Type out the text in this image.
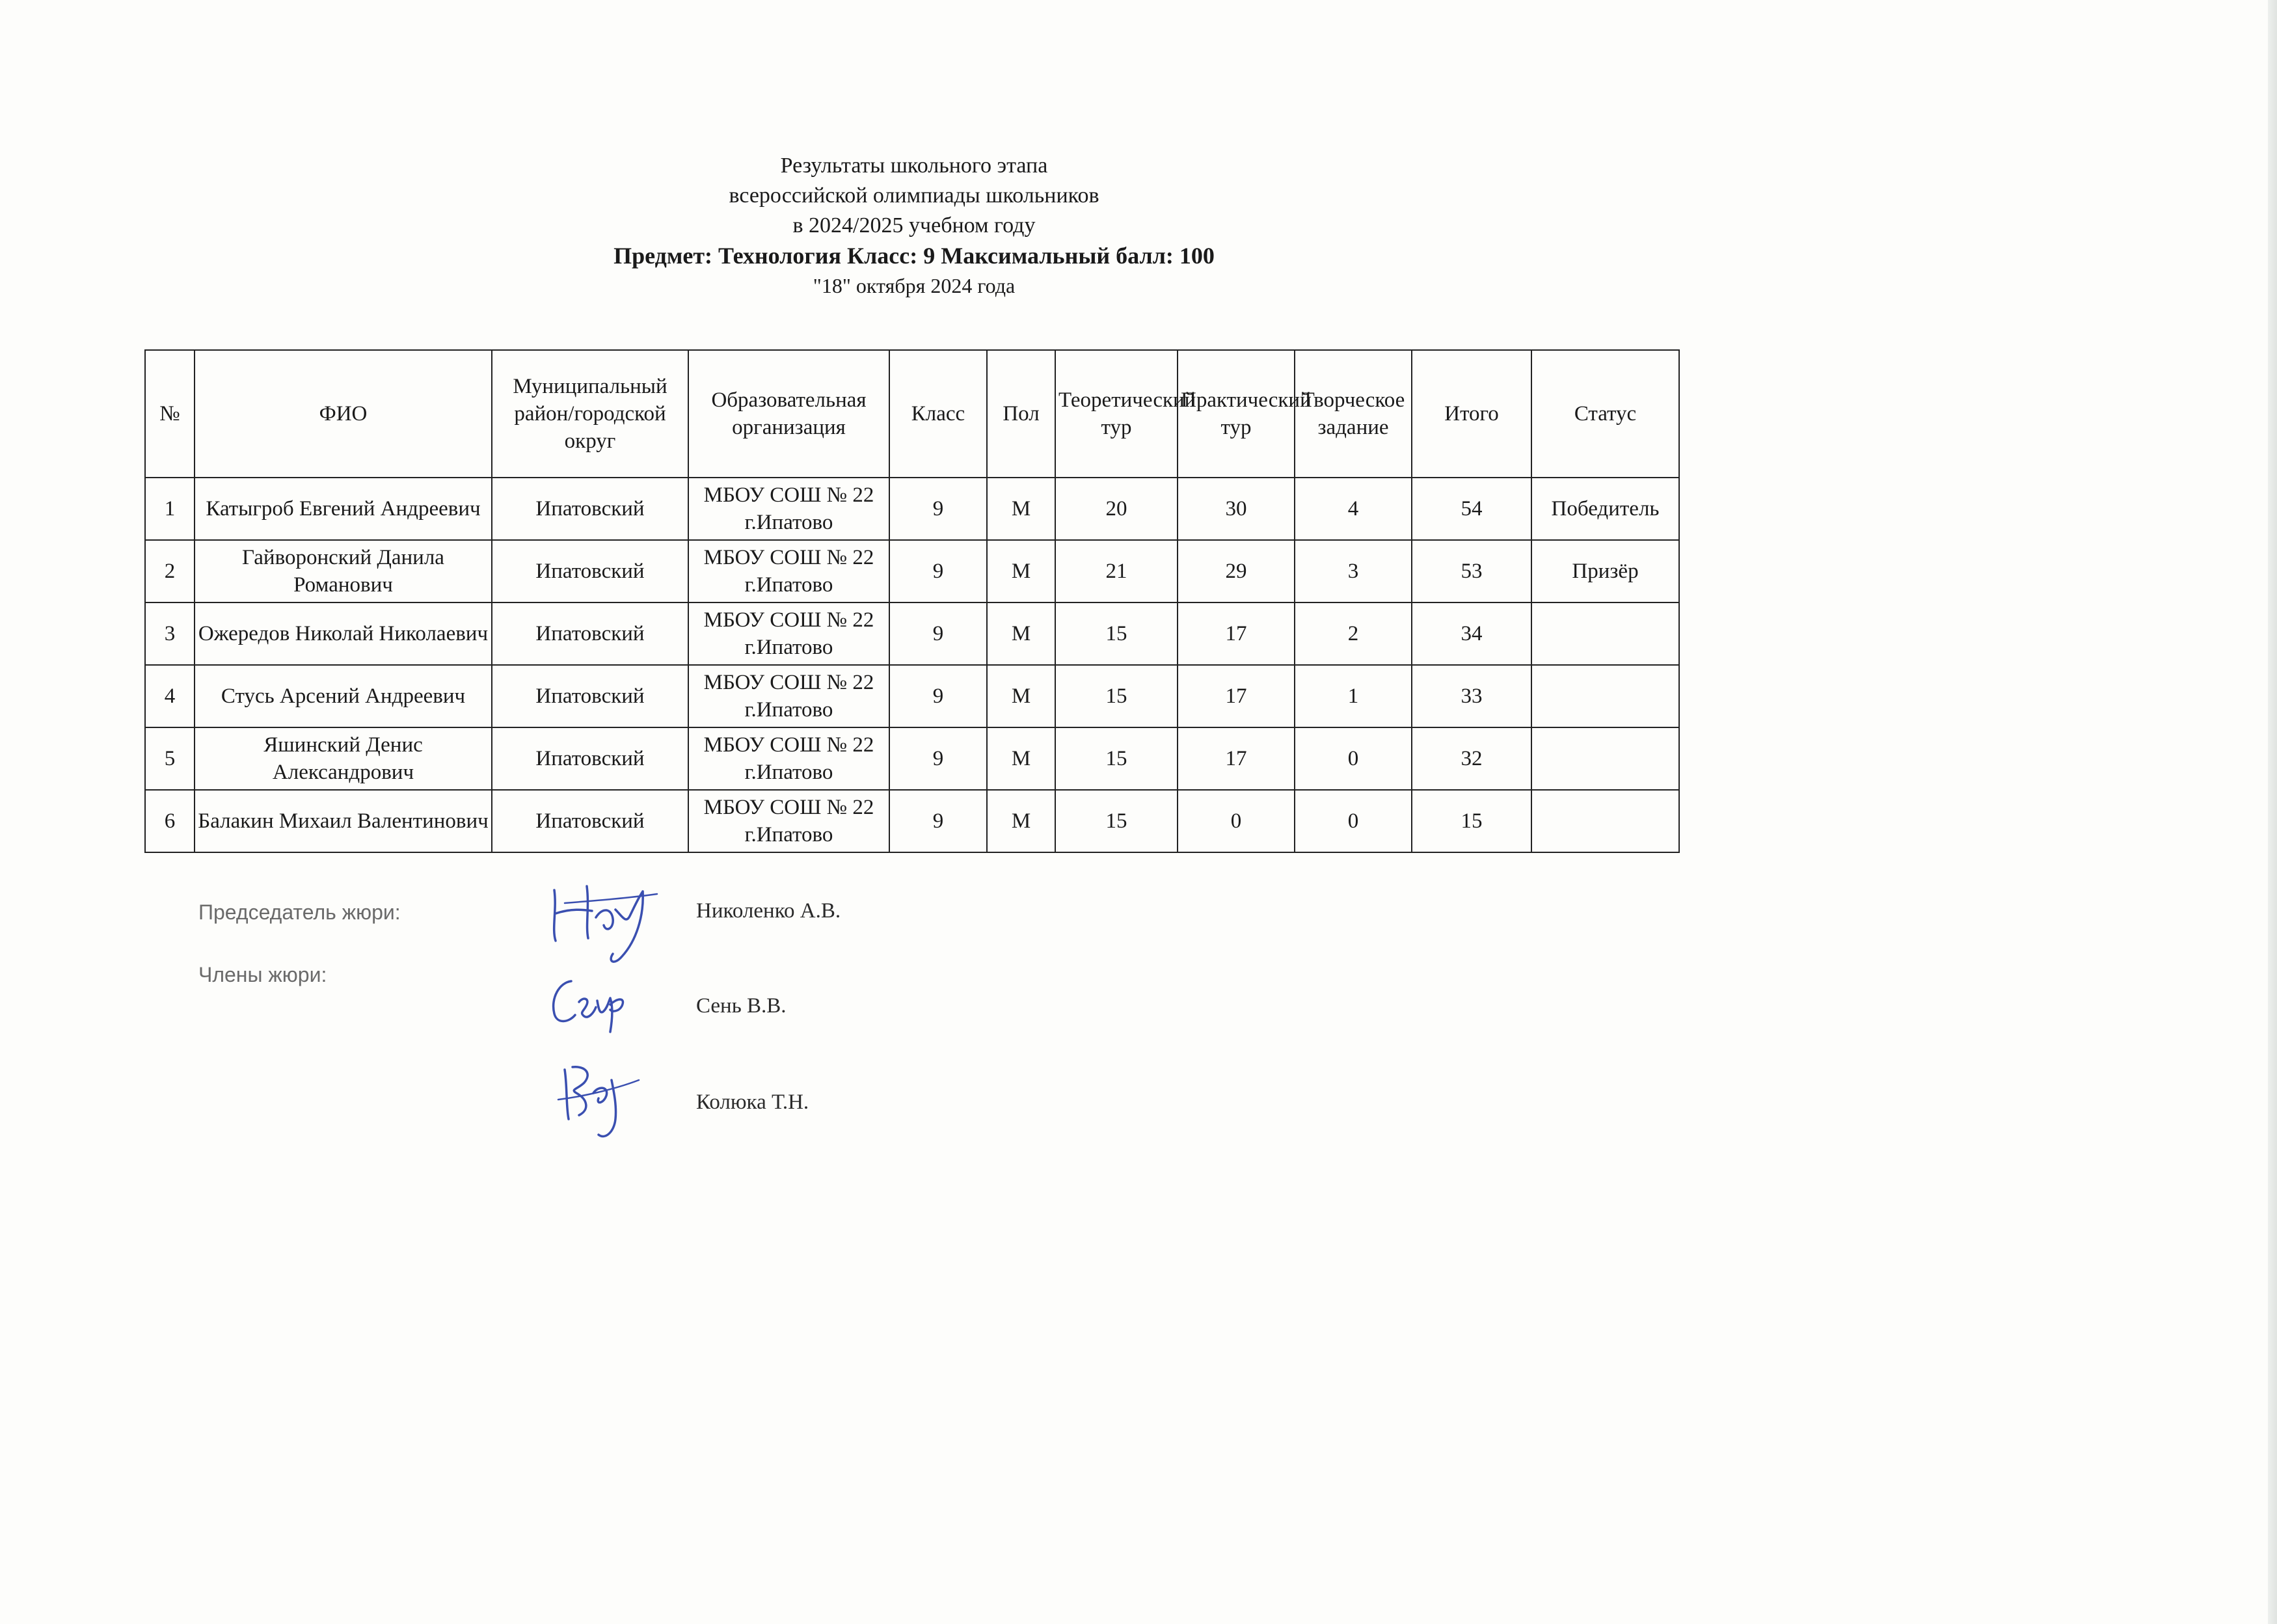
Результаты школьного этапа
всероссийской олимпиады школьников
в 2024/2025 учебном году
Предмет: Технология Класс: 9 Максимальный балл: 100
"18" октября 2024 года
№	ФИО	Муниципальный район/городской округ	Образовательная организация	Класс	Пол	Теоретический тур	Практический тур	Творческое задание	Итого	Статус
1	Катыгроб Евгений Андреевич	Ипатовский	МБОУ СОШ № 22 г.Ипатово	9	М	20	30	4	54	Победитель
2	Гайворонский Данила Романович	Ипатовский	МБОУ СОШ № 22 г.Ипатово	9	М	21	29	3	53	Призёр
3	Ожередов Николай Николаевич	Ипатовский	МБОУ СОШ № 22 г.Ипатово	9	М	15	17	2	34	
4	Стусь Арсений Андреевич	Ипатовский	МБОУ СОШ № 22 г.Ипатово	9	М	15	17	1	33	
5	Яшинский Денис Александрович	Ипатовский	МБОУ СОШ № 22 г.Ипатово	9	М	15	17	0	32	
6	Балакин Михаил Валентинович	Ипатовский	МБОУ СОШ № 22 г.Ипатово	9	М	15	0	0	15	
Председатель жюри:	Николенко А.В.
Члены жюри:
Сень В.В.
Колюка Т.Н.
